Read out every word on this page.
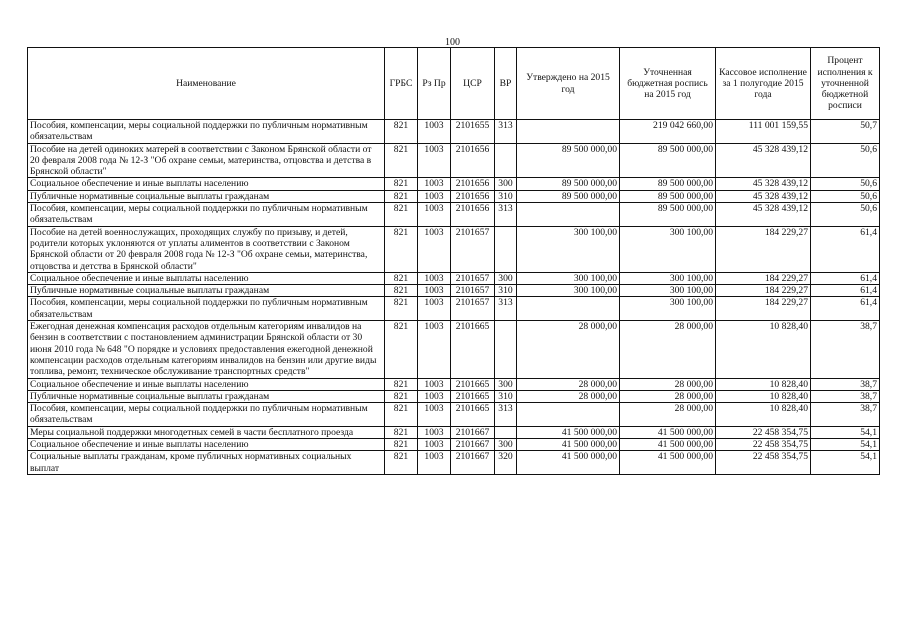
100
Наименование	ГРБС	Рз Пр	ЦСР	ВР	Утверждено на 2015 год	Уточненная бюджетная роспись на 2015 год	Кассовое исполнение за 1 полугодие 2015 года	Процент исполнения к уточненной бюджетной росписи
Пособия, компенсации, меры социальной поддержки по публичным нормативным обязательствам	821	1003	2101655	313		219 042 660,00	111 001 159,55	50,7
Пособие на детей одиноких матерей в соответствии с Законом Брянской области от 20 февраля 2008 года № 12-З "Об охране семьи, материнства, отцовства и детства в Брянской области"	821	1003	2101656		89 500 000,00	89 500 000,00	45 328 439,12	50,6
Социальное обеспечение и иные выплаты населению	821	1003	2101656	300	89 500 000,00	89 500 000,00	45 328 439,12	50,6
Публичные нормативные социальные выплаты гражданам	821	1003	2101656	310	89 500 000,00	89 500 000,00	45 328 439,12	50,6
Пособия, компенсации, меры социальной поддержки по публичным нормативным обязательствам	821	1003	2101656	313		89 500 000,00	45 328 439,12	50,6
Пособие на детей военнослужащих, проходящих службу по призыву, и детей, родители которых уклоняются от уплаты алиментов в соответствии с Законом Брянской области от 20 февраля 2008 года № 12-З "Об охране семьи, материнства, отцовства и детства в Брянской области"	821	1003	2101657		300 100,00	300 100,00	184 229,27	61,4
Социальное обеспечение и иные выплаты населению	821	1003	2101657	300	300 100,00	300 100,00	184 229,27	61,4
Публичные нормативные социальные выплаты гражданам	821	1003	2101657	310	300 100,00	300 100,00	184 229,27	61,4
Пособия, компенсации, меры социальной поддержки по публичным нормативным обязательствам	821	1003	2101657	313		300 100,00	184 229,27	61,4
Ежегодная денежная компенсация расходов отдельным категориям инвалидов на бензин в соответствии с постановлением администрации Брянской области от 30 июня 2010 года № 648 "О порядке и условиях предоставления ежегодной денежной компенсации расходов отдельным категориям инвалидов на бензин или другие виды топлива, ремонт, техническое обслуживание транспортных средств"	821	1003	2101665		28 000,00	28 000,00	10 828,40	38,7
Социальное обеспечение и иные выплаты населению	821	1003	2101665	300	28 000,00	28 000,00	10 828,40	38,7
Публичные нормативные социальные выплаты гражданам	821	1003	2101665	310	28 000,00	28 000,00	10 828,40	38,7
Пособия, компенсации, меры социальной поддержки по публичным нормативным обязательствам	821	1003	2101665	313		28 000,00	10 828,40	38,7
Меры социальной поддержки многодетных семей в части бесплатного проезда	821	1003	2101667		41 500 000,00	41 500 000,00	22 458 354,75	54,1
Социальное обеспечение и иные выплаты населению	821	1003	2101667	300	41 500 000,00	41 500 000,00	22 458 354,75	54,1
Социальные выплаты гражданам, кроме публичных нормативных социальных выплат	821	1003	2101667	320	41 500 000,00	41 500 000,00	22 458 354,75	54,1
